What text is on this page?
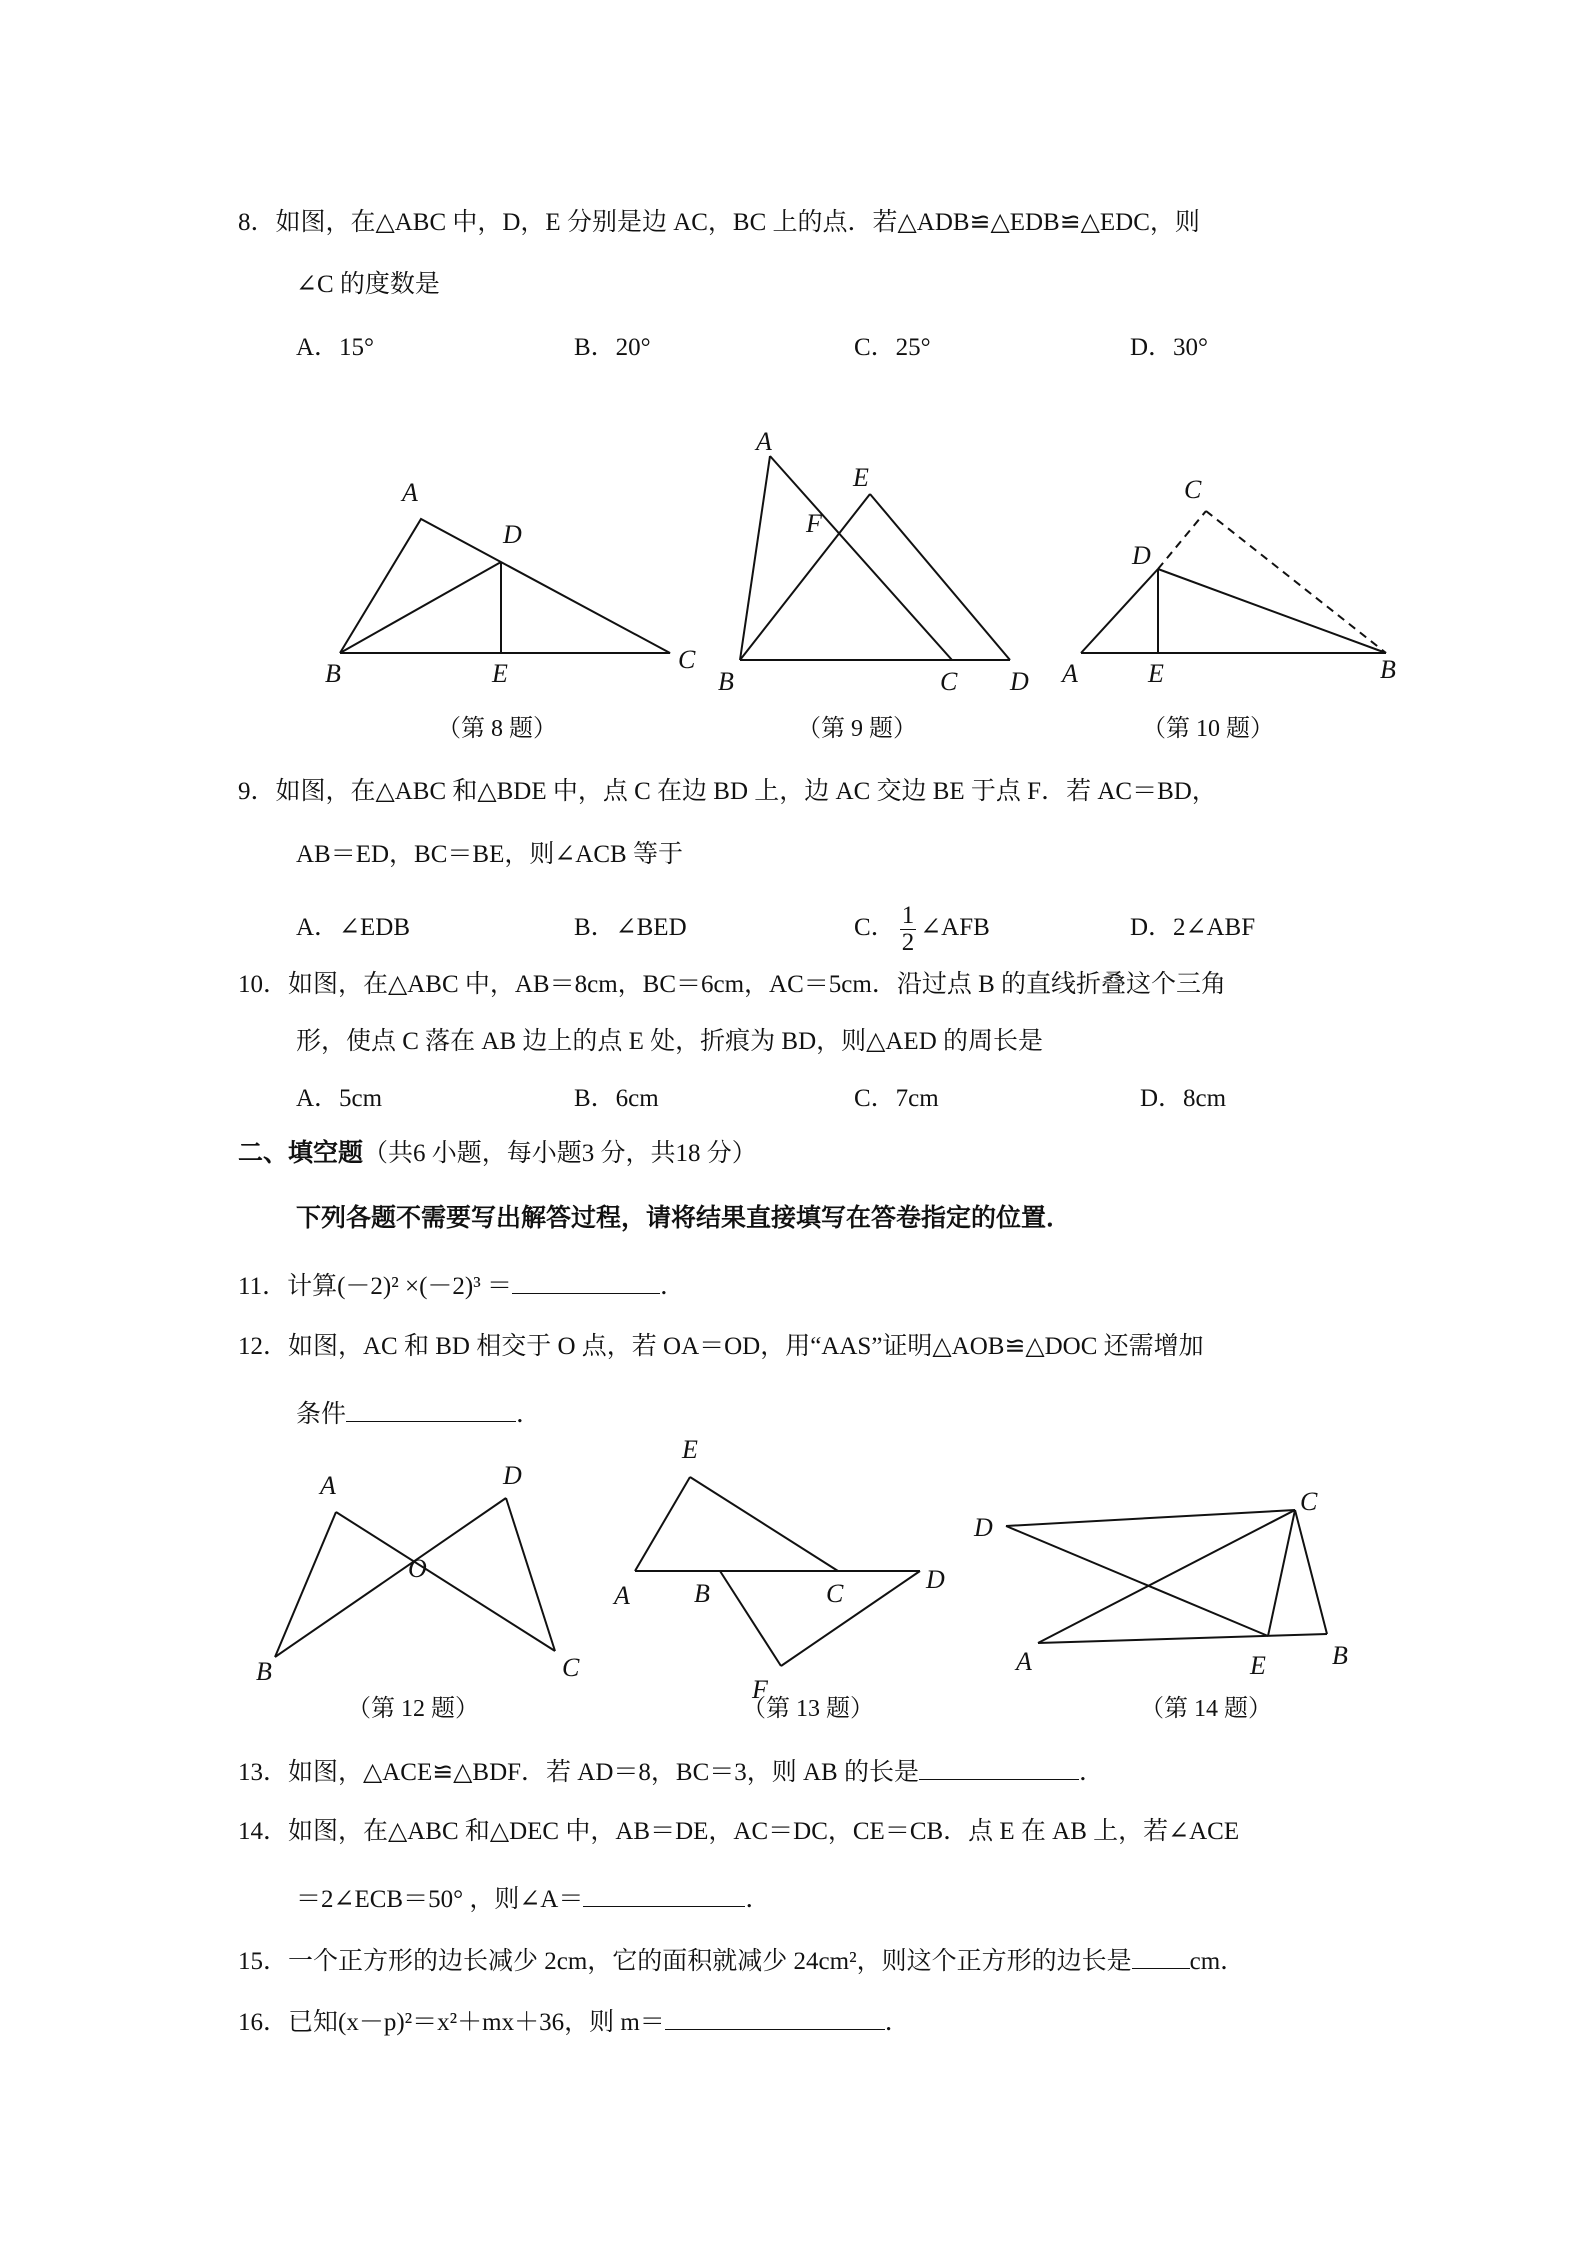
8．如图，在△ABC 中，D，E 分别是边 AC，BC 上的点．若△ADB≌△EDB≌△EDC，则
∠C 的度数是
A．15°	B．20°	C．25°	D．30°
A
D
B	E	C
（第 8 题）
A
E
F
B	C D
（第 9 题）
C
D
A	E	B
（第 10 题）
9．如图，在△ABC 和△BDE 中，点 C 在边 BD 上，边 AC 交边 BE 于点 F．若 AC＝BD，
AB＝ED，BC＝BE，则∠ACB 等于
A．∠EDB	B．∠BED	C． $\frac{1}{2}$ ∠AFB	D．2∠ABF
10．如图，在△ABC 中，AB＝8cm，BC＝6cm，AC＝5cm．沿过点 B 的直线折叠这个三角
形，使点 C 落在 AB 边上的点 E 处，折痕为 BD，则△AED 的周长是
A．5cm	B．6cm	C．7cm	D．8cm
二、填空题（共6 小题，每小题3 分，共18 分）
下列各题不需要写出解答过程，请将结果直接填写在答卷指定的位置．
11．计算(－2)² ×(－2)³ ＝	．
12．如图，AC 和 BD 相交于 O 点，若 OA＝OD，用“AAS”证明△AOB≌△DOC 还需增加
条件	．
A	D
O
B	C
（第 12 题）
E
A B	C	D
F
（第 13 题）
D
C
A	E	B
（第 14 题）
13．如图，△ACE≌△BDF．若 AD＝8，BC＝3，则 AB 的长是	．
14．如图，在△ABC 和△DEC 中，AB＝DE，AC＝DC，CE＝CB．点 E 在 AB 上，若∠ACE
＝2∠ECB＝50° ，则∠A＝	．
15．一个正方形的边长减少 2cm，它的面积就减少 24cm²，则这个正方形的边长是 cm．
16．已知(x－p)²＝x²＋mx＋36，则 m＝	．
